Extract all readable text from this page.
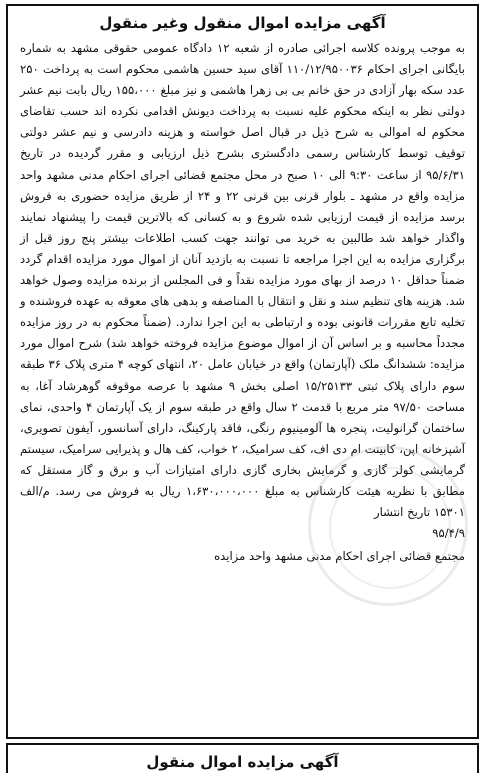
آگهی مزایده اموال منقول وغیر منقول

به موجب پرونده کلاسه اجرائی صادره از شعبه ۱۲ دادگاه عمومی حقوقی مشهد به شماره بایگانی اجرای احکام ۱۱۰/۱۲/۹۵۰۰۳۶ آقای سید حسین هاشمی محکوم است به پرداخت ۲۵۰ عدد سکه بهار آزادی در حق خانم بی بی زهرا هاشمی و نیز مبلغ ۱۵۵،۰۰۰ ریال بابت نیم عشر دولتی نظر به اینکه محکوم علیه نسبت به پرداخت دیونش اقدامی نکرده اند حسب تقاضای محکوم له اموالی به شرح ذیل در قبال اصل خواسته و هزینه دادرسی و نیم عشر دولتی توقیف توسط کارشناس رسمی دادگستری بشرح ذیل ارزیابی و مقرر گردیده در تاریخ ۹۵/۶/۳۱ از ساعت ۹:۳۰ الی ۱۰ صبح در محل مجتمع قضائی اجرای احکام مدنی مشهد واحد مزایده واقع در مشهد ـ بلوار قرنی بین قرنی ۲۲ و ۲۴ از طریق مزایده حضوری به فروش برسد مزایده از قیمت ارزیابی شده شروع و به کسانی که بالاترین قیمت را پیشنهاد نمایند واگذار خواهد شد طالبین به خرید می توانند جهت کسب اطلاعات بیشتر پنج روز قبل از برگزاری مزایده به این اجرا مراجعه تا نسبت به بازدید آنان از اموال مورد مزایده اقدام گردد ضمناً حداقل ۱۰ درصد از بهای مورد مزایده نقداً و فی المجلس از برنده مزایده وصول خواهد شد. هزینه های تنظیم سند و نقل و انتقال با المناصفه و بدهی های معوقه به عهده فروشنده و تخلیه تابع مقررات قانونی بوده و ارتباطی به این اجرا ندارد. (ضمناً محکوم به در روز مزایده مجدداً محاسبه و بر اساس آن از اموال موضوع مزایده فروخته خواهد شد) شرح اموال مورد مزایده: ششدانگ ملک (آپارتمان) واقع در خیابان عامل ۲۰، انتهای کوچه ۴ متری پلاک ۳۶ طبقه سوم دارای پلاک ثبتی ۱۵/۲۵۱۳۳ اصلی بخش ۹ مشهد با عرصه موقوفه گوهرشاد آغا، به مساحت ۹۷/۵۰ متر مربع با قدمت ۲ سال واقع در طبقه سوم از یک آپارتمان ۴ واحدی، نمای ساختمان گرانولیت، پنجره ها آلومینیوم رنگی، فاقد پارکینگ، دارای آسانسور، آیفون تصویری، آشپزخانه اپن، کابینت ام دی اف، کف سرامیک، ۲ خواب، کف هال و پذیرایی سرامیک، سیستم گرمایشی کولر گازی و گرمایش بخاری گازی دارای امتیازات آب و برق و گاز مستقل که مطابق با نظریه هیئت کارشناس به مبلغ ۱،۶۳۰،۰۰۰،۰۰۰ ریال به فروش می رسد. م/الف ۱۵۳۰۱ تاریخ انتشار

۹۵/۴/۹

مجتمع قضائی اجرای احکام مدنی مشهد واحد مزایده

آگهی مزایده اموال منقول
